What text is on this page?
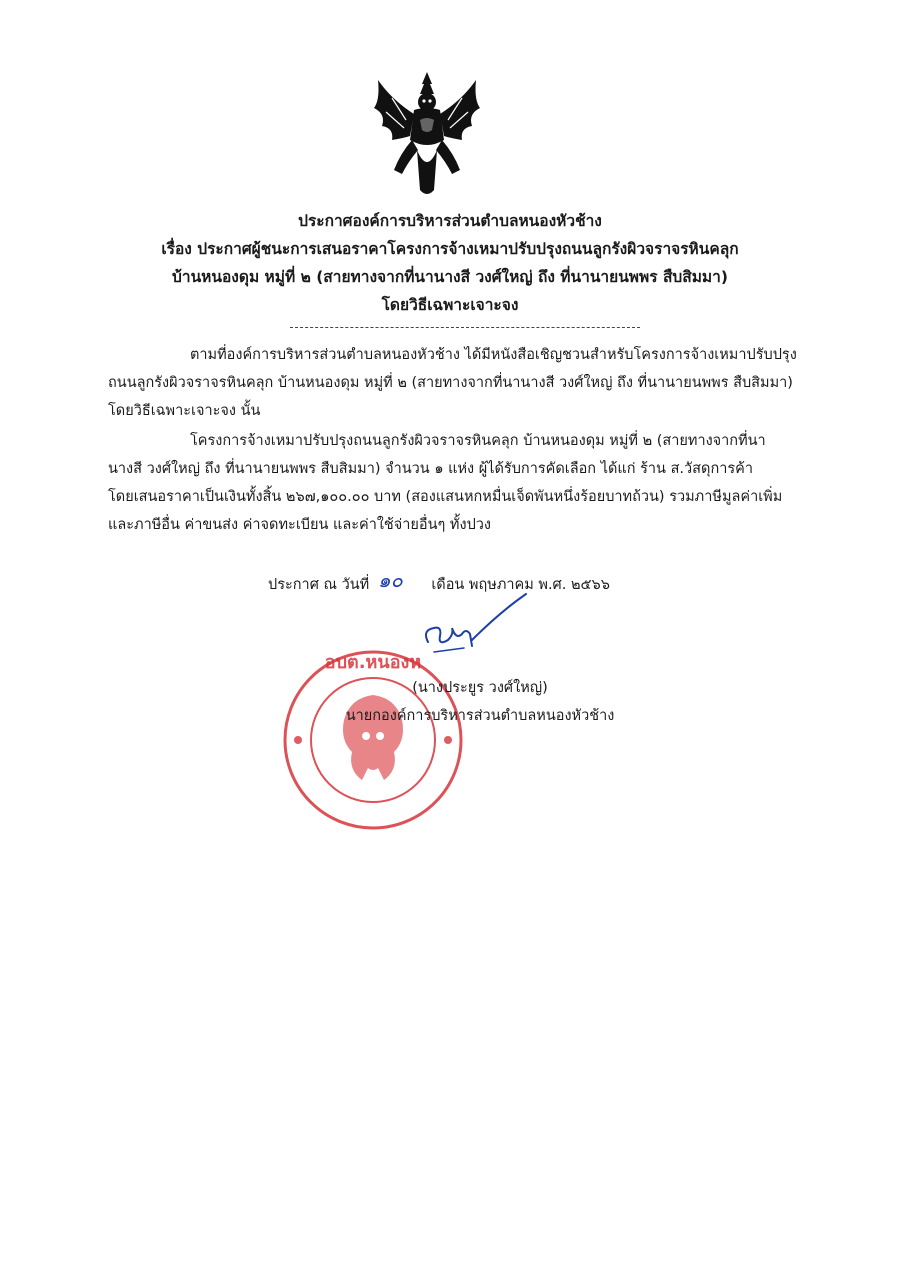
ประกาศองค์การบริหารส่วนตำบลหนองหัวช้าง
เรื่อง ประกาศผู้ชนะการเสนอราคาโครงการจ้างเหมาปรับปรุงถนนลูกรังผิวจราจรหินคลุก
บ้านหนองดุม หมู่ที่ ๒ (สายทางจากที่นานางสี วงศ์ใหญ่ ถึง ที่นานายนพพร สืบสิมมา)
โดยวิธีเฉพาะเจาะจง
ตามที่องค์การบริหารส่วนตำบลหนองหัวช้าง ได้มีหนังสือเชิญชวนสำหรับโครงการจ้างเหมาปรับปรุง
ถนนลูกรังผิวจราจรหินคลุก บ้านหนองดุม หมู่ที่ ๒ (สายทางจากที่นานางสี วงศ์ใหญ่ ถึง ที่นานายนพพร สืบสิมมา)
โดยวิธีเฉพาะเจาะจง นั้น
โครงการจ้างเหมาปรับปรุงถนนลูกรังผิวจราจรหินคลุก บ้านหนองดุม หมู่ที่ ๒ (สายทางจากที่นา
นางสี วงศ์ใหญ่ ถึง ที่นานายนพพร สืบสิมมา) จำนวน ๑ แห่ง ผู้ได้รับการคัดเลือก ได้แก่ ร้าน ส.วัสดุการค้า
โดยเสนอราคาเป็นเงินทั้งสิ้น ๒๖๗,๑๐๐.๐๐ บาท (สองแสนหกหมื่นเจ็ดพันหนึ่งร้อยบาทถ้วน) รวมภาษีมูลค่าเพิ่ม
และภาษีอื่น ค่าขนส่ง ค่าจดทะเบียน และค่าใช้จ่ายอื่นๆ ทั้งปวง
ประกาศ ณ วันที่ ๑๐ เดือน พฤษภาคม พ.ศ. ๒๕๖๖
อบต.หนองห
(นางประยูร วงศ์ใหญ่)
นายกองค์การบริหารส่วนตำบลหนองหัวช้าง
